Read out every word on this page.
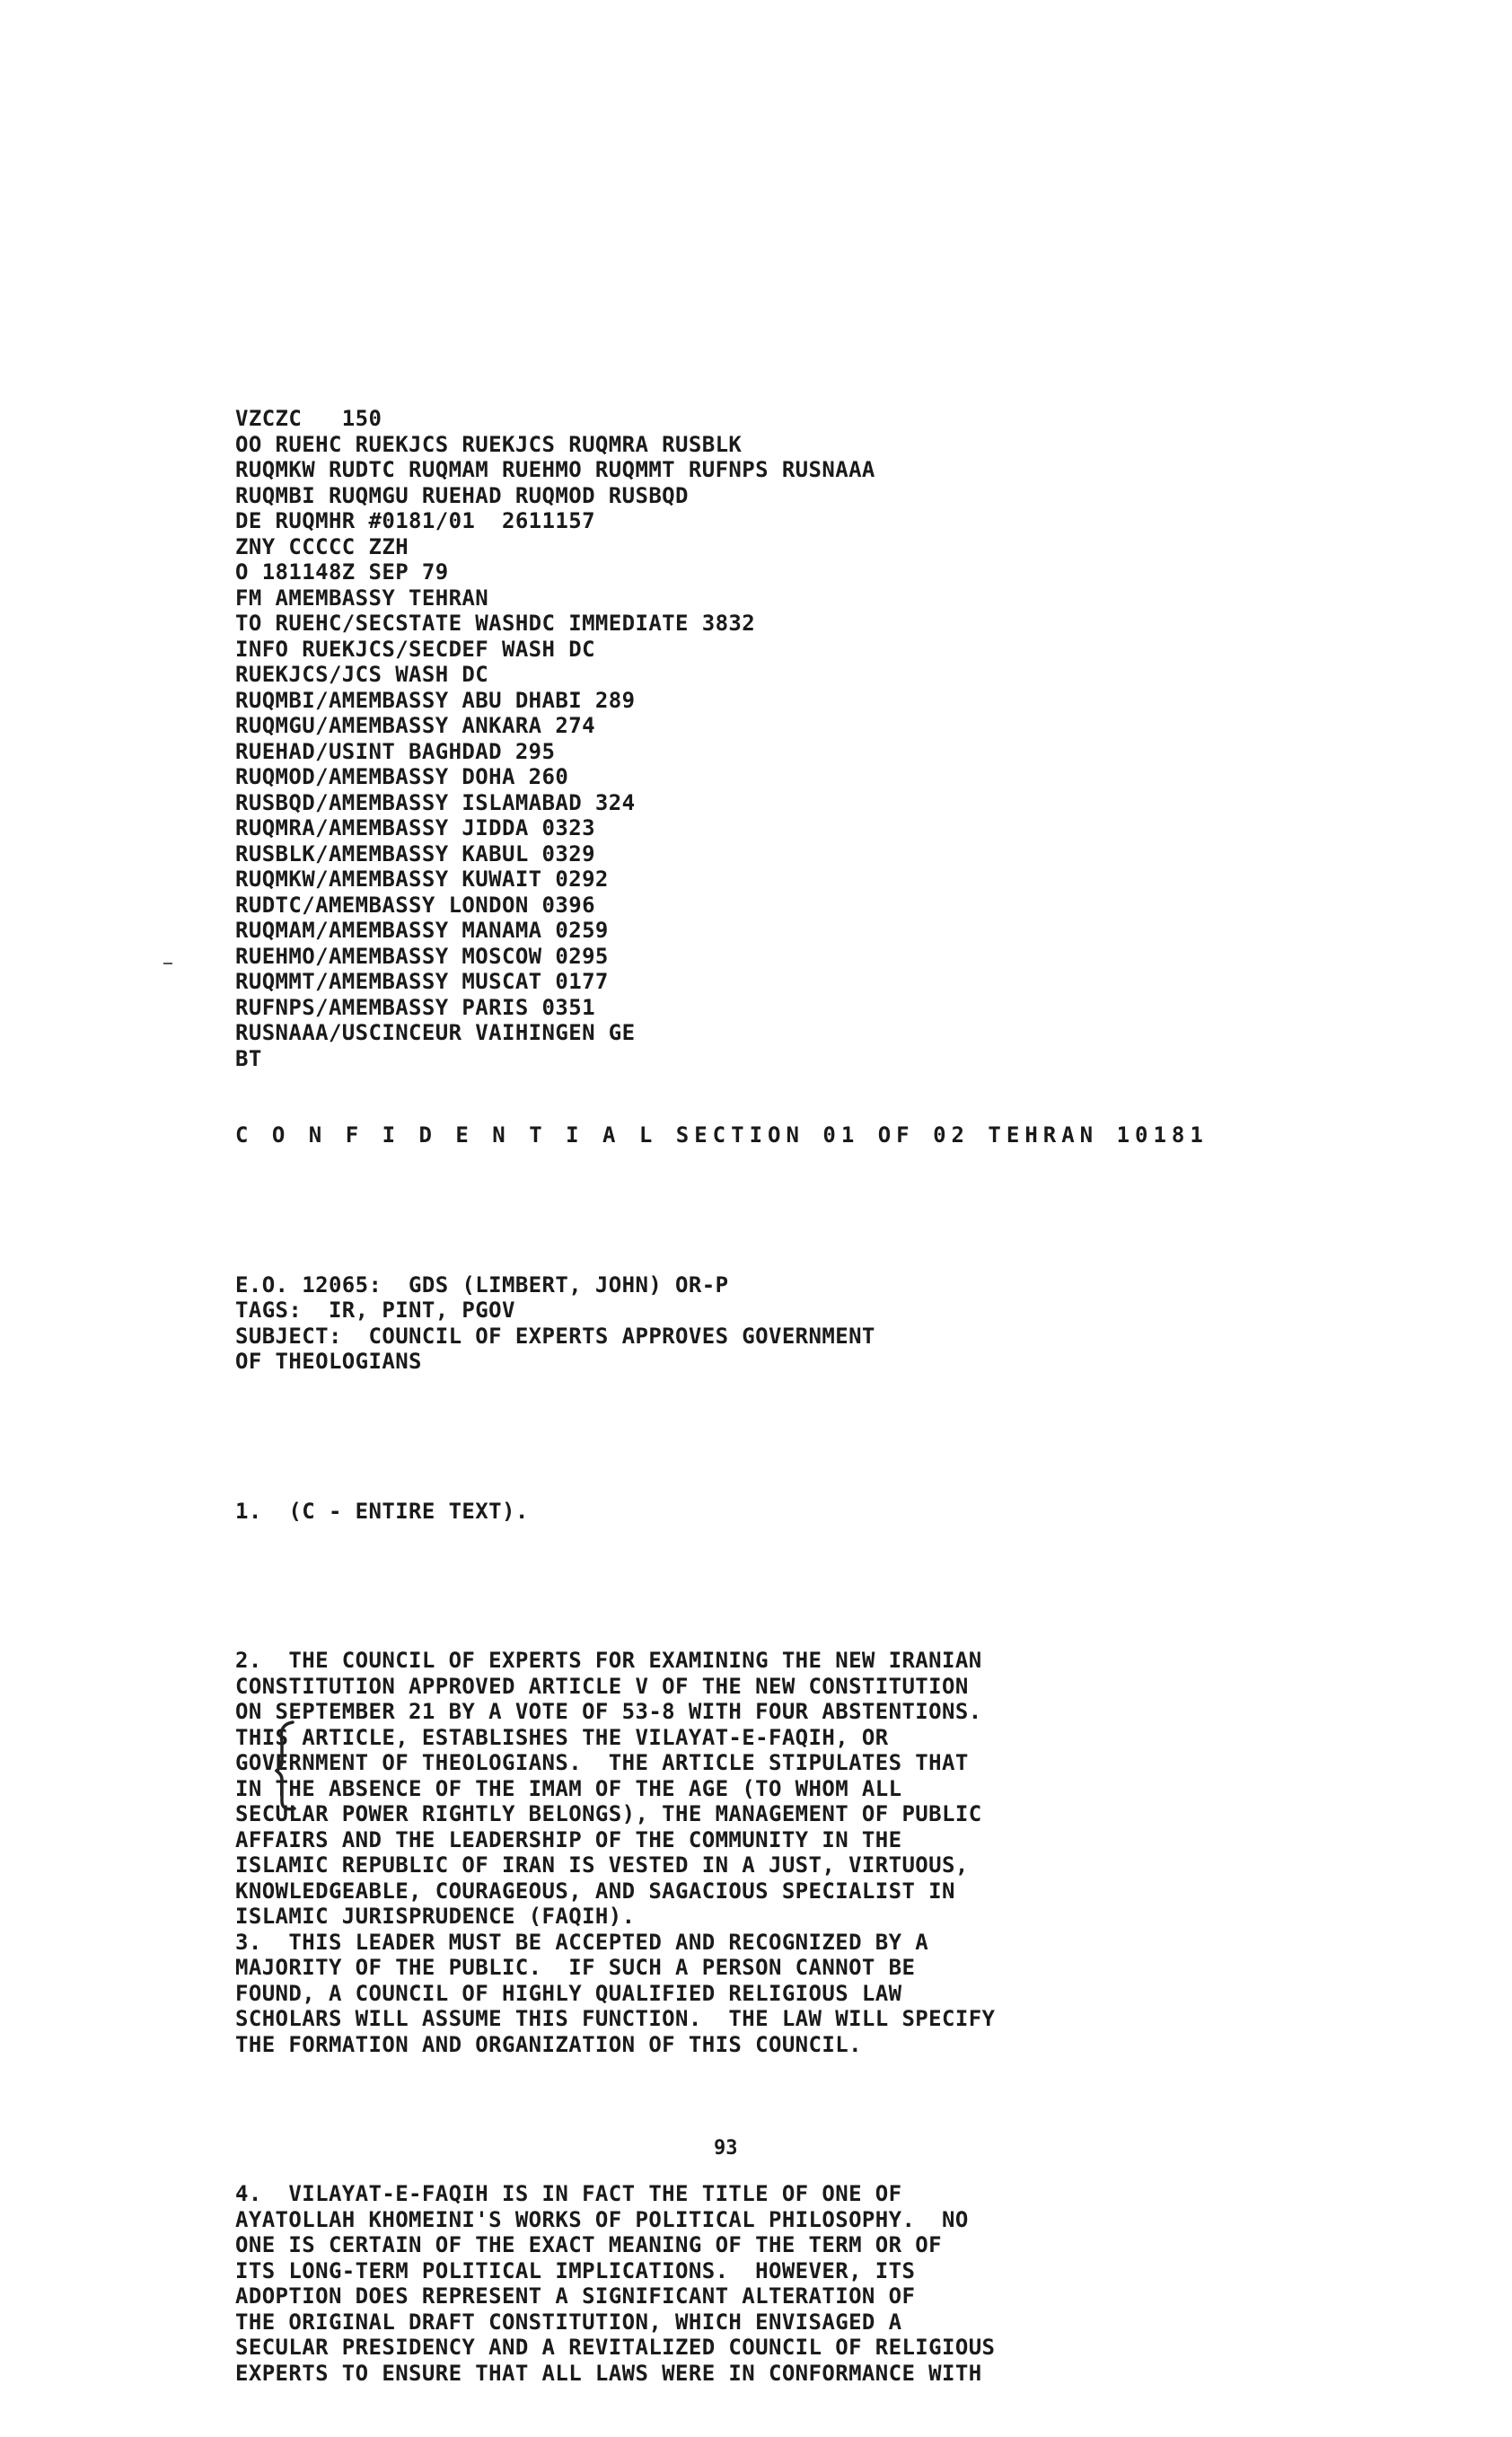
VZCZC   150
OO RUEHC RUEKJCS RUEKJCS RUQMRA RUSBLK
RUQMKW RUDTC RUQMAM RUEHMO RUQMMT RUFNPS RUSNAAA
RUQMBI RUQMGU RUEHAD RUQMOD RUSBQD
DE RUQMHR #0181/01  2611157
ZNY CCCCC ZZH
O 181148Z SEP 79
FM AMEMBASSY TEHRAN
TO RUEHC/SECSTATE WASHDC IMMEDIATE 3832
INFO RUEKJCS/SECDEF WASH DC
RUEKJCS/JCS WASH DC
RUQMBI/AMEMBASSY ABU DHABI 289
RUQMGU/AMEMBASSY ANKARA 274
RUEHAD/USINT BAGHDAD 295
RUQMOD/AMEMBASSY DOHA 260
RUSBQD/AMEMBASSY ISLAMABAD 324
RUQMRA/AMEMBASSY JIDDA 0323
RUSBLK/AMEMBASSY KABUL 0329
RUQMKW/AMEMBASSY KUWAIT 0292
RUDTC/AMEMBASSY LONDON 0396
RUQMAM/AMEMBASSY MANAMA 0259
RUEHMO/AMEMBASSY MOSCOW 0295
RUQMMT/AMEMBASSY MUSCAT 0177
RUFNPS/AMEMBASSY PARIS 0351
RUSNAAA/USCINCEUR VAIHINGEN GE
BT

C O N F I D E N T I A L SECTION 01 OF 02 TEHRAN 10181

E.O. 12065:  GDS (LIMBERT, JOHN) OR-P
TAGS:  IR, PINT, PGOV
SUBJECT:  COUNCIL OF EXPERTS APPROVES GOVERNMENT
OF THEOLOGIANS

1.  (C - ENTIRE TEXT).

2.  THE COUNCIL OF EXPERTS FOR EXAMINING THE NEW IRANIAN
CONSTITUTION APPROVED ARTICLE V OF THE NEW CONSTITUTION
ON SEPTEMBER 21 BY A VOTE OF 53-8 WITH FOUR ABSTENTIONS.
THIS ARTICLE, ESTABLISHES THE VILAYAT-E-FAQIH, OR
GOVERNMENT OF THEOLOGIANS.  THE ARTICLE STIPULATES THAT
IN THE ABSENCE OF THE IMAM OF THE AGE (TO WHOM ALL
SECULAR POWER RIGHTLY BELONGS), THE MANAGEMENT OF PUBLIC
AFFAIRS AND THE LEADERSHIP OF THE COMMUNITY IN THE
ISLAMIC REPUBLIC OF IRAN IS VESTED IN A JUST, VIRTUOUS,
KNOWLEDGEABLE, COURAGEOUS, AND SAGACIOUS SPECIALIST IN
ISLAMIC JURISPRUDENCE (FAQIH).
3.  THIS LEADER MUST BE ACCEPTED AND RECOGNIZED BY A
MAJORITY OF THE PUBLIC.  IF SUCH A PERSON CANNOT BE
FOUND, A COUNCIL OF HIGHLY QUALIFIED RELIGIOUS LAW
SCHOLARS WILL ASSUME THIS FUNCTION.  THE LAW WILL SPECIFY
THE FORMATION AND ORGANIZATION OF THIS COUNCIL.

4.  VILAYAT-E-FAQIH IS IN FACT THE TITLE OF ONE OF
AYATOLLAH KHOMEINI'S WORKS OF POLITICAL PHILOSOPHY.  NO
ONE IS CERTAIN OF THE EXACT MEANING OF THE TERM OR OF
ITS LONG-TERM POLITICAL IMPLICATIONS.  HOWEVER, ITS
ADOPTION DOES REPRESENT A SIGNIFICANT ALTERATION OF
THE ORIGINAL DRAFT CONSTITUTION, WHICH ENVISAGED A
SECULAR PRESIDENCY AND A REVITALIZED COUNCIL OF RELIGIOUS
EXPERTS TO ENSURE THAT ALL LAWS WERE IN CONFORMANCE WITH

93
